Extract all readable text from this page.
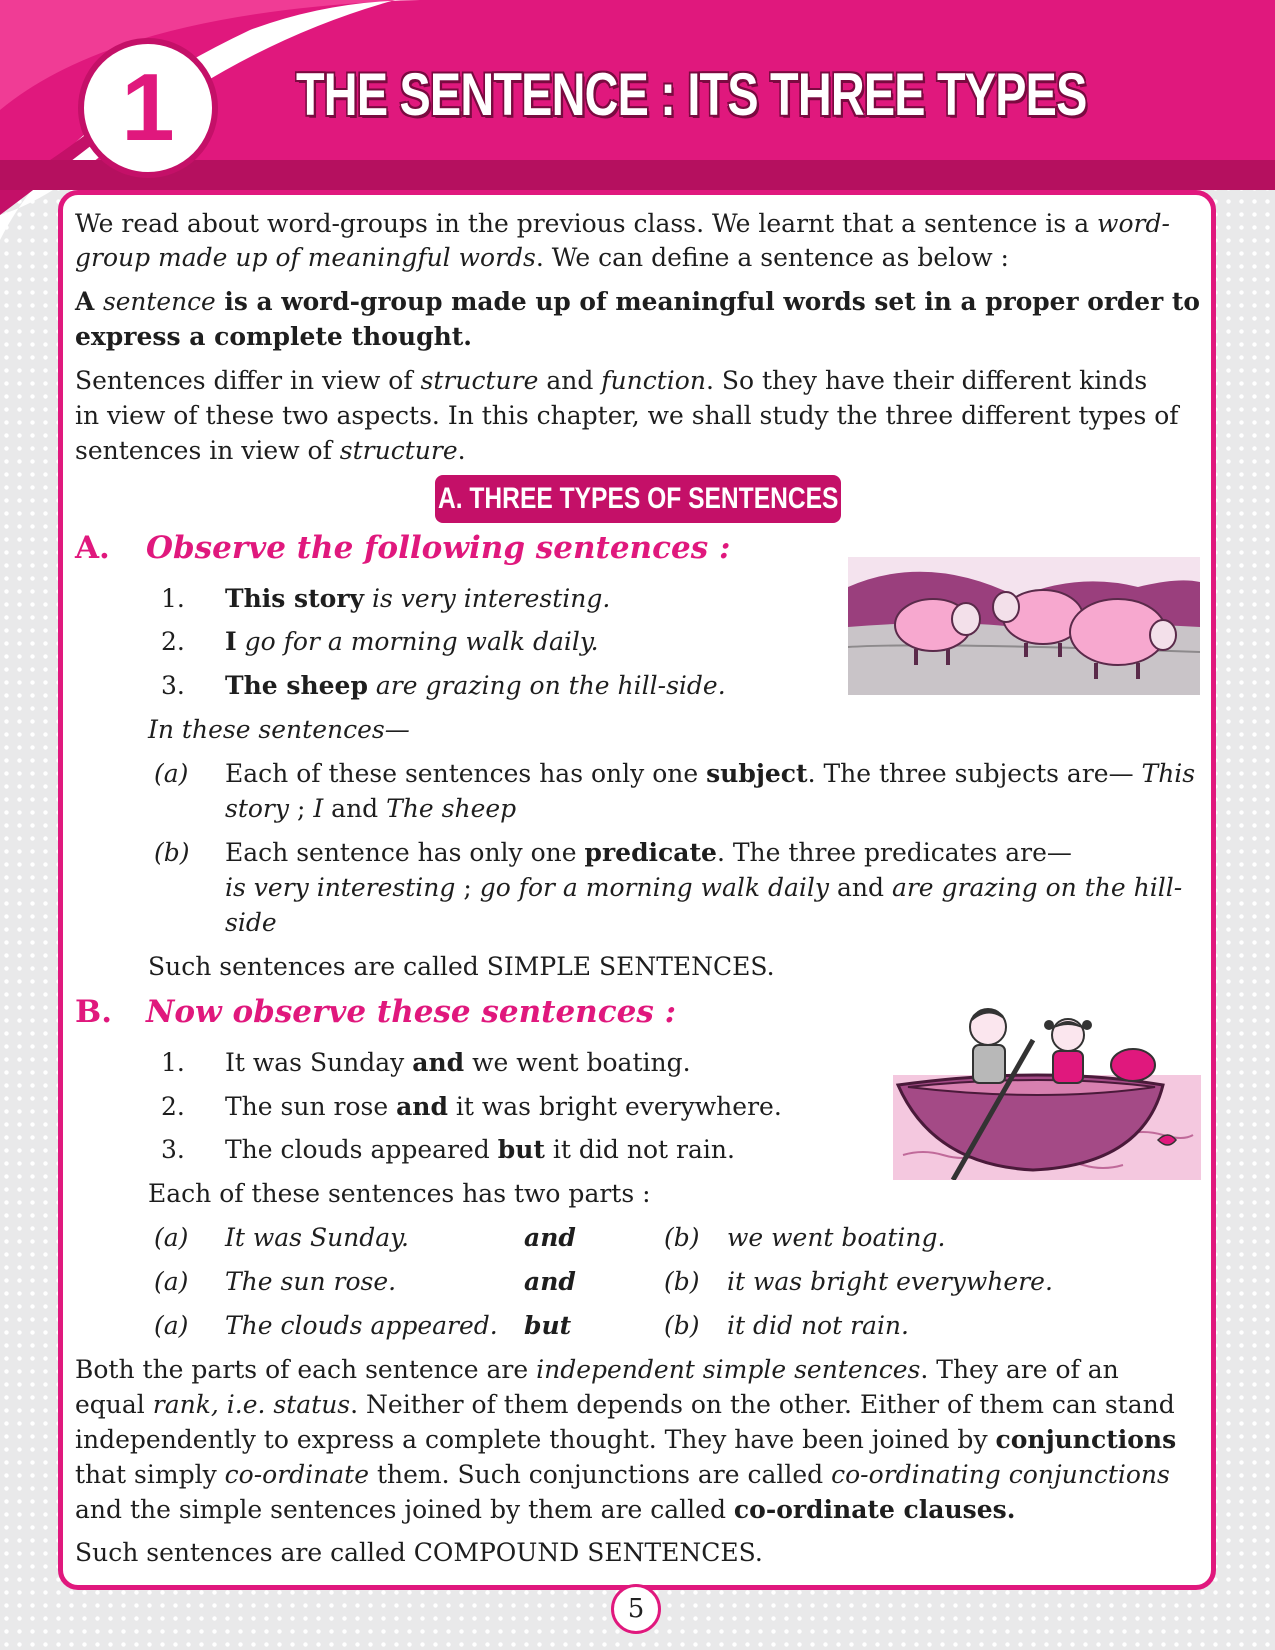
1	THE SENTENCE : ITS THREE TYPES
We read about word-groups in the previous class. We learnt that a sentence is a word-
group made up of meaningful words. We can define a sentence as below :
A sentence is a word-group made up of meaningful words set in a proper order to
express a complete thought.
Sentences differ in view of structure and function. So they have their different kinds
in view of these two aspects. In this chapter, we shall study the three different types of
sentences in view of structure.
A. THREE TYPES OF SENTENCES
A. Observe the following sentences :
1. This story is very interesting.
2. I go for a morning walk daily.
3. The sheep are grazing on the hill-side.
In these sentences—
(a) Each of these sentences has only one subject. The three subjects are— This
story ; I and The sheep
(b) Each sentence has only one predicate. The three predicates are—
is very interesting ; go for a morning walk daily and are grazing on the hill-
side
Such sentences are called SIMPLE SENTENCES.
B. Now observe these sentences :
1. It was Sunday and we went boating.
2. The sun rose and it was bright everywhere.
3. The clouds appeared but it did not rain.
Each of these sentences has two parts :
(a) It was Sunday.	and	(b) we went boating.
(a) The sun rose.	and	(b) it was bright everywhere.
(a) The clouds appeared. but	(b) it did not rain.
Both the parts of each sentence are independent simple sentences. They are of an
equal rank, i.e. status. Neither of them depends on the other. Either of them can stand
independently to express a complete thought. They have been joined by conjunctions
that simply co-ordinate them. Such conjunctions are called co-ordinating conjunctions
and the simple sentences joined by them are called co-ordinate clauses.
Such sentences are called COMPOUND SENTENCES.
5
